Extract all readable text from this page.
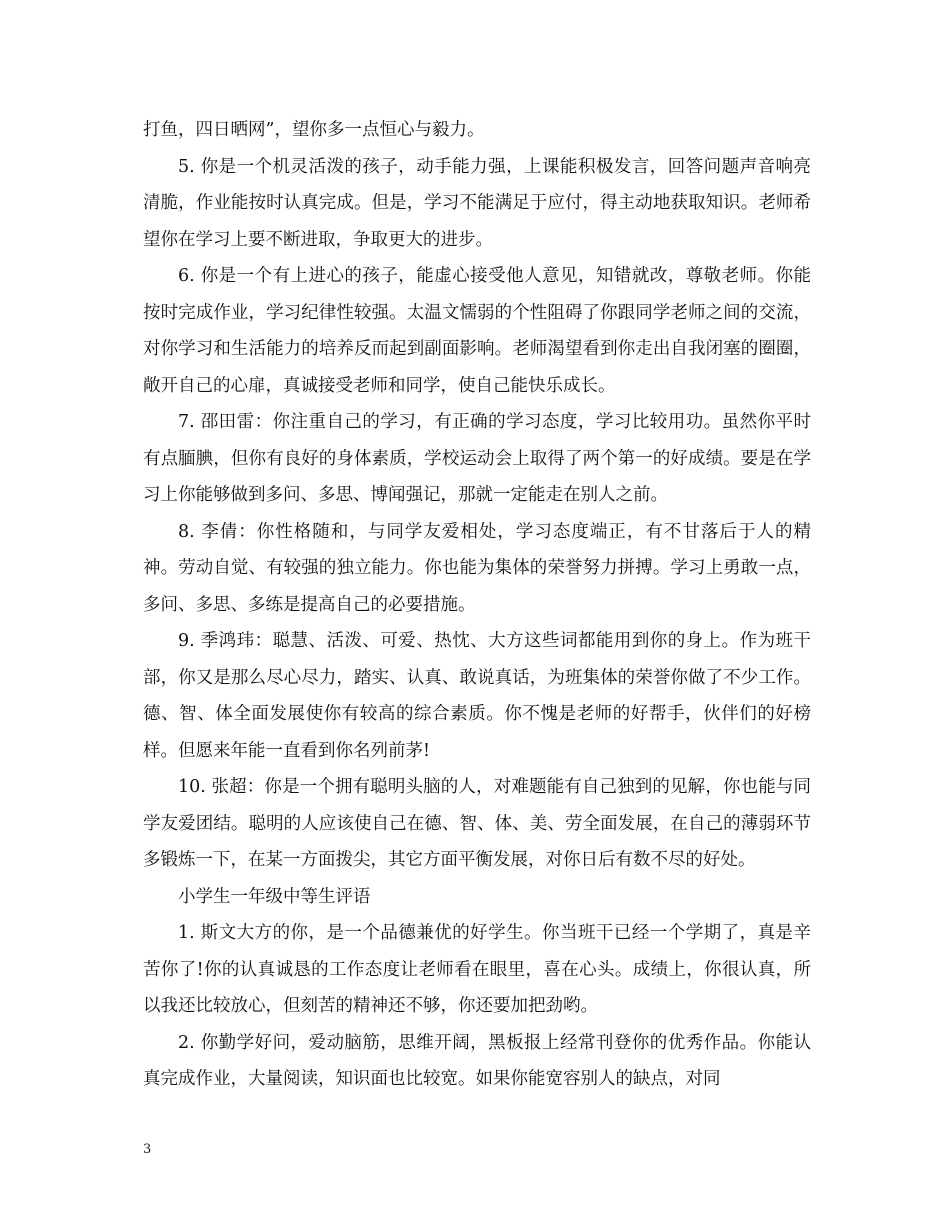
打鱼，四日晒网”，望你多一点恒心与毅力。

5. 你是一个机灵活泼的孩子，动手能力强，上课能积极发言，回答问题声音响亮清脆，作业能按时认真完成。但是，学习不能满足于应付，得主动地获取知识。老师希望你在学习上要不断进取，争取更大的进步。

6. 你是一个有上进心的孩子，能虚心接受他人意见，知错就改，尊敬老师。你能按时完成作业，学习纪律性较强。太温文懦弱的个性阻碍了你跟同学老师之间的交流，对你学习和生活能力的培养反而起到副面影响。老师渴望看到你走出自我闭塞的圈圈，敞开自己的心扉，真诚接受老师和同学，使自己能快乐成长。

7. 邵田雷：你注重自己的学习，有正确的学习态度，学习比较用功。虽然你平时有点腼腆，但你有良好的身体素质，学校运动会上取得了两个第一的好成绩。要是在学习上你能够做到多问、多思、博闻强记，那就一定能走在别人之前。

8. 李倩：你性格随和，与同学友爱相处，学习态度端正，有不甘落后于人的精神。劳动自觉、有较强的独立能力。你也能为集体的荣誉努力拼搏。学习上勇敢一点，多问、多思、多练是提高自己的必要措施。

9. 季鸿玮：聪慧、活泼、可爱、热忱、大方这些词都能用到你的身上。作为班干部，你又是那么尽心尽力，踏实、认真、敢说真话，为班集体的荣誉你做了不少工作。德、智、体全面发展使你有较高的综合素质。你不愧是老师的好帮手，伙伴们的好榜样。但愿来年能一直看到你名列前茅!

10. 张超：你是一个拥有聪明头脑的人，对难题能有自己独到的见解，你也能与同学友爱团结。聪明的人应该使自己在德、智、体、美、劳全面发展，在自己的薄弱环节多锻炼一下，在某一方面拨尖，其它方面平衡发展，对你日后有数不尽的好处。

小学生一年级中等生评语

1. 斯文大方的你，是一个品德兼优的好学生。你当班干已经一个学期了，真是辛苦你了!你的认真诚恳的工作态度让老师看在眼里，喜在心头。成绩上，你很认真，所以我还比较放心，但刻苦的精神还不够，你还要加把劲哟。

2. 你勤学好问，爱动脑筋，思维开阔，黑板报上经常刊登你的优秀作品。你能认真完成作业，大量阅读，知识面也比较宽。如果你能宽容别人的缺点，对同

3
